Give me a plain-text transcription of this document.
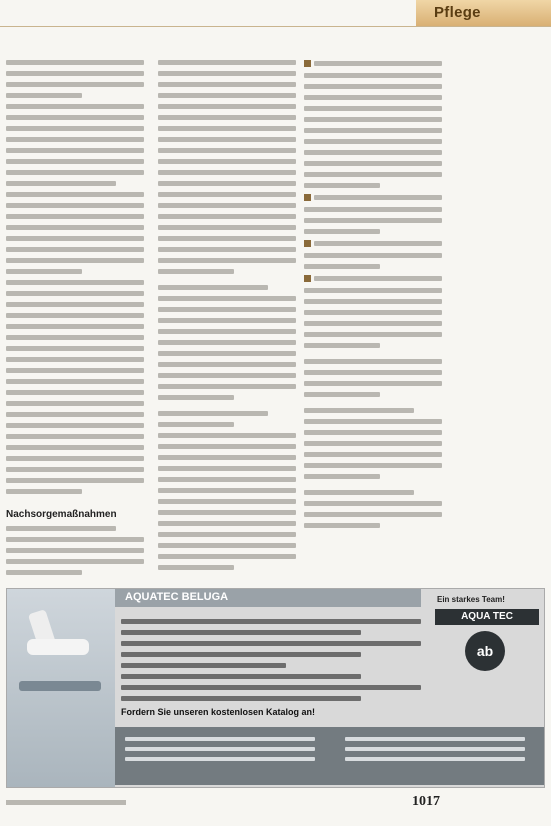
Pflege
Nachsorgemaßnahmen
AQUATEC BELUGA	Ein starkes Team!
AQUA TEC
ab
Fordern Sie unseren kostenlosen Katalog an!
1017
